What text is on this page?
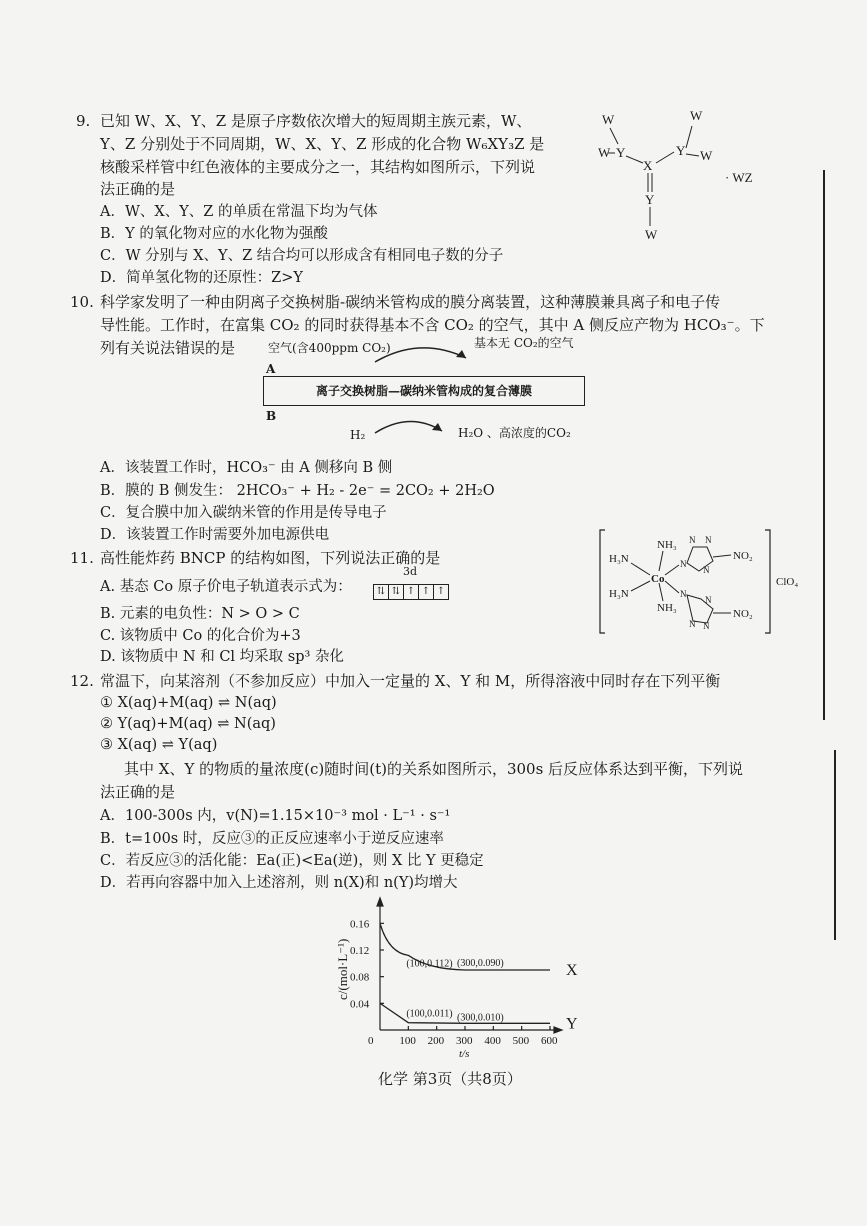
9. 已知 W、X、Y、Z 是原子序数依次增大的短周期主族元素，W、
Y、Z 分别处于不同周期，W、X、Y、Z 形成的化合物 W₆XY₃Z 是
核酸采样管中红色液体的主要成分之一，其结构如图所示，下列说
法正确的是
A．W、X、Y、Z 的单质在常温下均为气体
B．Y 的氧化物对应的水化物为强酸
C．W 分别与 X、Y、Z 结合均可以形成含有相同电子数的分子
D．简单氢化物的还原性：Z>Y
W	W
W Y	Y W
X
Y
W
· WZ
10. 科学家发明了一种由阴离子交换树脂-碳纳米管构成的膜分离装置，这种薄膜兼具离子和电子传
导性能。工作时，在富集 CO₂ 的同时获得基本不含 CO₂ 的空气，其中 A 侧反应产物为 HCO₃⁻。下
列有关说法错误的是	空气(含400ppm CO₂)	基本无 CO₂的空气
A
离子交换树脂—碳纳米管构成的复合薄膜
B
H₂	H₂O 、高浓度的CO₂
A．该装置工作时，HCO₃⁻ 由 A 侧移向 B 侧
B．膜的 B 侧发生： 2HCO₃⁻ + H₂ - 2e⁻ = 2CO₂ + 2H₂O
C．复合膜中加入碳纳米管的作用是传导电子
D．该装置工作时需要外加电源供电
11. 高性能炸药 BNCP 的结构如图，下列说法正确的是
A. 基态 Co 原子价电子轨道表示式为：
3d
⇅ ⇅ ↑ ↑ ↑
B. 元素的电负性：N > O > C
C. 该物质中 Co 的化合价为+3
D. 该物质中 N 和 Cl 均采取 sp³ 杂化
NH₃
H₃N
Co
H₃N
NH₃
NO₂
NO₂
ClO₄
N
N
N N
N
N
N
N
12. 常温下，向某溶剂（不参加反应）中加入一定量的 X、Y 和 M，所得溶液中同时存在下列平衡
① X(aq)+M(aq) ⇌ N(aq)
② Y(aq)+M(aq) ⇌ N(aq)
③ X(aq) ⇌ Y(aq)
其中 X、Y 的物质的量浓度(c)随时间(t)的关系如图所示，300s 后反应体系达到平衡，下列说
法正确的是
A．100-300s 内，v(N)=1.15×10⁻³ mol · L⁻¹ · s⁻¹
B．t=100s 时，反应③的正反应速率小于逆反应速率
C．若反应③的活化能：Ea(正)<Ea(逆)，则 X 比 Y 更稳定
D．若再向容器中加入上述溶剂，则 n(X)和 n(Y)均增大
0 100 200 300 400 500 600
0.04
0.08
0.12
0.16
t/s
c/(mol·L⁻¹)	X
Y
(100,0.112) (300,0.090)
(100,0.011) (300,0.010)
化学 第3页（共8页）
